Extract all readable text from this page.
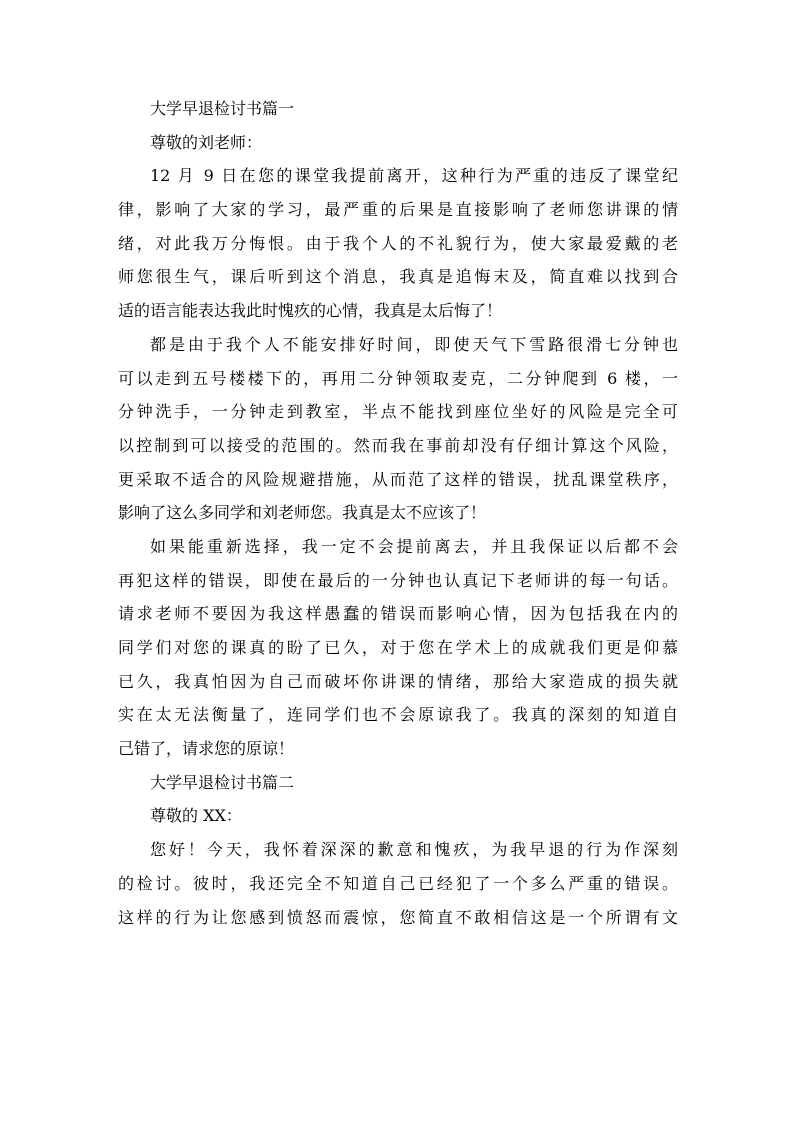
大学早退检讨书篇一
尊敬的刘老师：
12 月 9 日在您的课堂我提前离开，这种行为严重的违反了课堂纪
律，影响了大家的学习，最严重的后果是直接影响了老师您讲课的情
绪，对此我万分悔恨。由于我个人的不礼貌行为，使大家最爱戴的老
师您很生气，课后听到这个消息，我真是追悔末及，简直难以找到合
适的语言能表达我此时愧疚的心情，我真是太后悔了！
都是由于我个人不能安排好时间，即使天气下雪路很滑七分钟也
可以走到五号楼楼下的，再用二分钟领取麦克，二分钟爬到 6 楼，一
分钟洗手，一分钟走到教室，半点不能找到座位坐好的风险是完全可
以控制到可以接受的范围的。然而我在事前却没有仔细计算这个风险，
更采取不适合的风险规避措施，从而范了这样的错误，扰乱课堂秩序，
影响了这么多同学和刘老师您。我真是太不应该了！
如果能重新选择，我一定不会提前离去，并且我保证以后都不会
再犯这样的错误，即使在最后的一分钟也认真记下老师讲的每一句话。
请求老师不要因为我这样愚蠢的错误而影响心情，因为包括我在内的
同学们对您的课真的盼了已久，对于您在学术上的成就我们更是仰慕
已久，我真怕因为自己而破坏你讲课的情绪，那给大家造成的损失就
实在太无法衡量了，连同学们也不会原谅我了。我真的深刻的知道自
己错了，请求您的原谅！
大学早退检讨书篇二
尊敬的 XX：
您好！今天，我怀着深深的歉意和愧疚，为我早退的行为作深刻
的检讨。彼时，我还完全不知道自己已经犯了一个多么严重的错误。
这样的行为让您感到愤怒而震惊，您简直不敢相信这是一个所谓有文
